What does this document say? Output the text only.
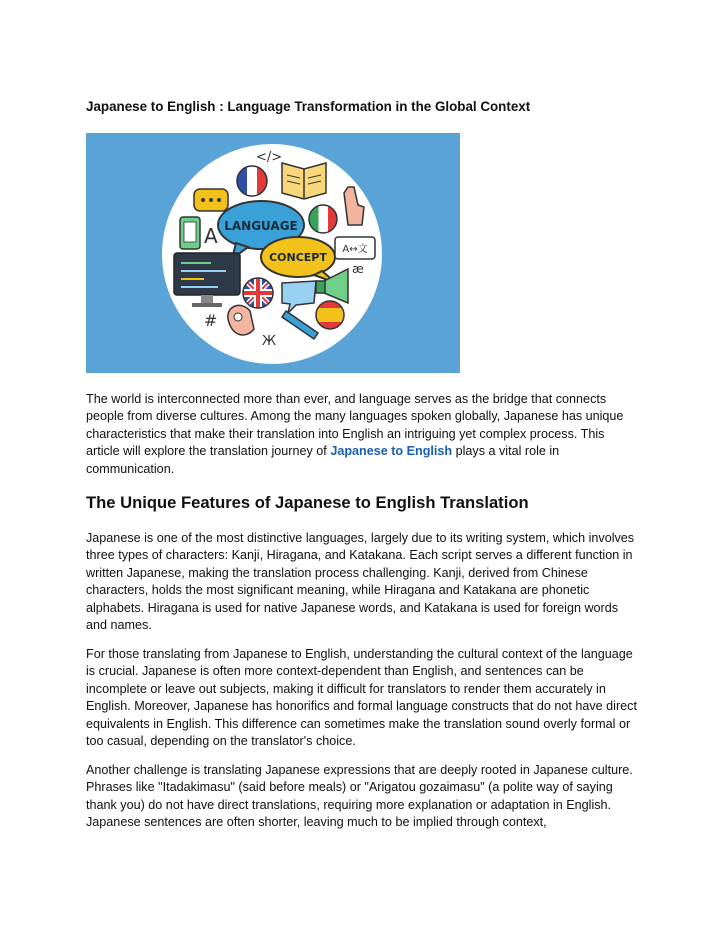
Japanese to English : Language Transformation in the Global Context
</>
A LANGUAGE
CONCEPT
A↔文
æ
#
Ж

The world is interconnected more than ever, and language serves as the bridge that connects people from diverse cultures. Among the many languages spoken globally, Japanese has unique characteristics that make their translation into English an intriguing yet complex process. This article will explore the translation journey of Japanese to English plays a vital role in communication.

The Unique Features of Japanese to English Translation

Japanese is one of the most distinctive languages, largely due to its writing system, which involves three types of characters: Kanji, Hiragana, and Katakana. Each script serves a different function in written Japanese, making the translation process challenging. Kanji, derived from Chinese characters, holds the most significant meaning, while Hiragana and Katakana are phonetic alphabets. Hiragana is used for native Japanese words, and Katakana is used for foreign words and names.

For those translating from Japanese to English, understanding the cultural context of the language is crucial. Japanese is often more context-dependent than English, and sentences can be incomplete or leave out subjects, making it difficult for translators to render them accurately in English. Moreover, Japanese has honorifics and formal language constructs that do not have direct equivalents in English. This difference can sometimes make the translation sound overly formal or too casual, depending on the translator's choice.

Another challenge is translating Japanese expressions that are deeply rooted in Japanese culture. Phrases like "Itadakimasu" (said before meals) or "Arigatou gozaimasu" (a polite way of saying thank you) do not have direct translations, requiring more explanation or adaptation in English. Japanese sentences are often shorter, leaving much to be implied through context,
